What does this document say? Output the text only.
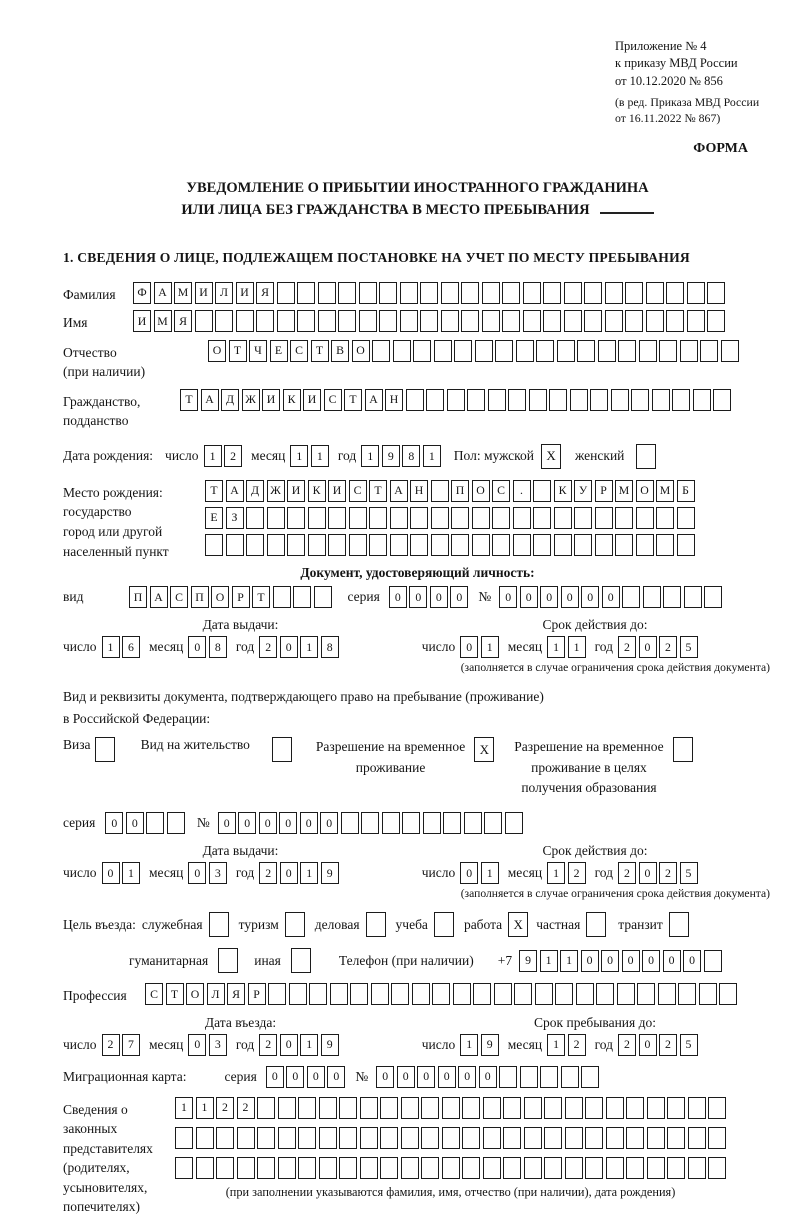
Приложение № 4
к приказу МВД России
от 10.12.2020 № 856
(в ред. Приказа МВД России
от 16.11.2022 № 867)
ФОРМА
УВЕДОМЛЕНИЕ О ПРИБЫТИИ ИНОСТРАННОГО ГРАЖДАНИНА
ИЛИ ЛИЦА БЕЗ ГРАЖДАНСТВА В МЕСТО ПРЕБЫВАНИЯ
1. СВЕДЕНИЯ О ЛИЦЕ, ПОДЛЕЖАЩЕМ ПОСТАНОВКЕ НА УЧЕТ ПО МЕСТУ ПРЕБЫВАНИЯ
Фамилия	Ф А М И	Л	И	Я
Имя	И М Я
Отчество
(при наличии)
О	Т	Ч	Е	С	Т	В	О
Гражданство,
подданство
Т	А	Д Ж И	К	И	С	Т	А	Н
Дата рождения: число 1	2	месяц 1	1	год 1	9	8	1	Пол: мужской X	женский
Место рождения:
государство
город или другой
населенный пункт
Т	А	Д Ж И	К	И	С	Т	А	Н	П	О	С	.	К	У	Р	М О М	Б
Е	З
Документ, удостоверяющий личность:
вид	П	А	С	П	О	Р	Т	серия	0	0	0	0	№	0	0	0	0	0	0
Дата выдачи:	Срок действия до:
число 1	6	месяц 0	8	год 2	0	1	8	число 0	1	месяц 1	1	год 2	0	2	5
(заполняется в случае ограничения срока действия документа)
Вид и реквизиты документа, подтверждающего право на пребывание (проживание)
в Российской Федерации:
Виза	Вид на жительство	Разрешение на временное
проживание
X	Разрешение на временное
проживание в целях
получения образования
серия	0	0	№	0	0	0	0	0	0
Дата выдачи:	Срок действия до:
число 0	1	месяц 0	3	год 2	0	1	9	число 0	1	месяц 1	2	год 2	0	2	5
(заполняется в случае ограничения срока действия документа)
Цель въезда: служебная	туризм	деловая	учеба	работа X частная	транзит
гуманитарная	иная	Телефон (при наличии) +7	9	1	1	0	0	0	0	0	0
Профессия	С	Т	О	Л	Я	Р
Дата въезда:	Срок пребывания до:
число 2	7	месяц 0	3	год 2	0	1	9	число 1	9	месяц 1	2	год 2	0	2	5
Миграционная карта:	серия	0	0	0	0	№	0	0	0	0	0	0
Сведения о
законных
представителях
(родителях,
усыновителях,
попечителях)
1	1	2	2
(при заполнении указываются фамилия, имя, отчество (при наличии), дата рождения)
